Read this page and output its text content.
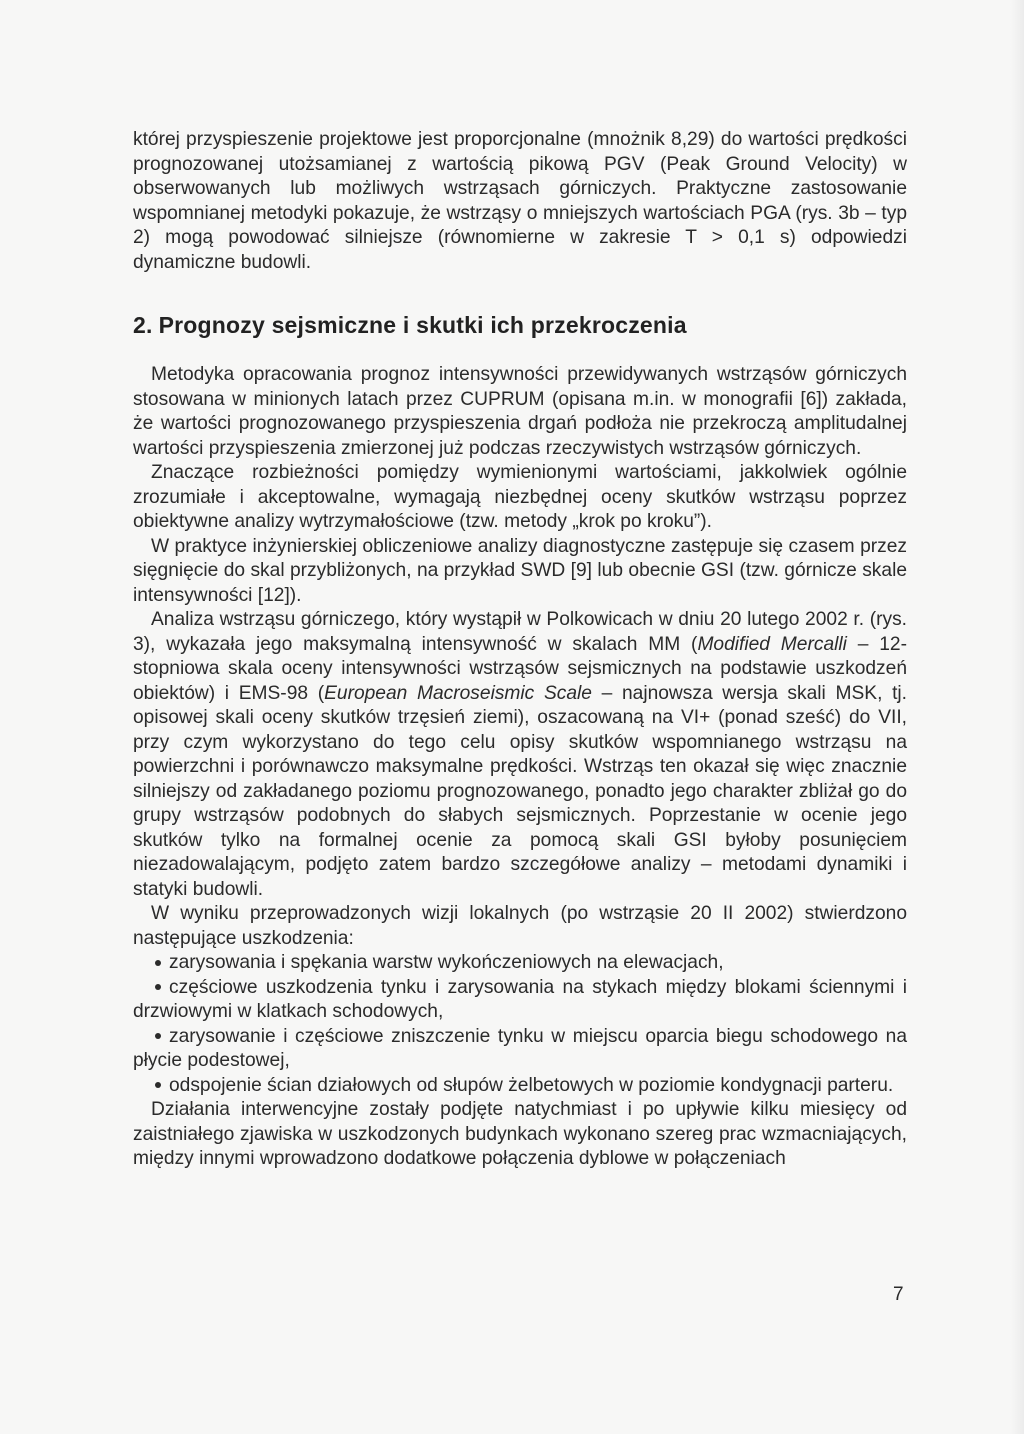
której przyspieszenie projektowe jest proporcjonalne (mnożnik 8,29) do wartości prędkości prognozowanej utożsamianej z wartością pikową PGV (Peak Ground Velocity) w obserwowanych lub możliwych wstrząsach górniczych. Praktyczne zastosowanie wspomnianej metodyki pokazuje, że wstrząsy o mniejszych wartościach PGA (rys. 3b – typ 2) mogą powodować silniejsze (równomierne w zakresie T > 0,1 s) odpowiedzi dynamiczne budowli.

2. Prognozy sejsmiczne i skutki ich przekroczenia

Metodyka opracowania prognoz intensywności przewidywanych wstrząsów górniczych stosowana w minionych latach przez CUPRUM (opisana m.in. w monografii [6]) zakłada, że wartości prognozowanego przyspieszenia drgań podłoża nie przekroczą amplitudalnej wartości przyspieszenia zmierzonej już podczas rzeczywistych wstrząsów górniczych.

Znaczące rozbieżności pomiędzy wymienionymi wartościami, jakkolwiek ogólnie zrozumiałe i akceptowalne, wymagają niezbędnej oceny skutków wstrząsu poprzez obiektywne analizy wytrzymałościowe (tzw. metody „krok po kroku”).

W praktyce inżynierskiej obliczeniowe analizy diagnostyczne zastępuje się czasem przez sięgnięcie do skal przybliżonych, na przykład SWD [9] lub obecnie GSI (tzw. górnicze skale intensywności [12]).

Analiza wstrząsu górniczego, który wystąpił w Polkowicach w dniu 20 lutego 2002 r. (rys. 3), wykazała jego maksymalną intensywność w skalach MM (Modified Mercalli – 12-stopniowa skala oceny intensywności wstrząsów sejsmicznych na podstawie uszkodzeń obiektów) i EMS-98 (European Macroseismic Scale – najnowsza wersja skali MSK, tj. opisowej skali oceny skutków trzęsień ziemi), oszacowaną na VI+ (ponad sześć) do VII, przy czym wykorzystano do tego celu opisy skutków wspomnianego wstrząsu na powierzchni i porównawczo maksymalne prędkości. Wstrząs ten okazał się więc znacznie silniejszy od zakładanego poziomu prognozowanego, ponadto jego charakter zbliżał go do grupy wstrząsów podobnych do słabych sejsmicznych. Poprzestanie w ocenie jego skutków tylko na formalnej ocenie za pomocą skali GSI byłoby posunięciem niezadowalającym, podjęto zatem bardzo szczegółowe analizy – metodami dynamiki i statyki budowli.

W wyniku przeprowadzonych wizji lokalnych (po wstrząsie 20 II 2002) stwierdzono następujące uszkodzenia:

zarysowania i spękania warstw wykończeniowych na elewacjach,
częściowe uszkodzenia tynku i zarysowania na stykach między blokami ściennymi i drzwiowymi w klatkach schodowych,
zarysowanie i częściowe zniszczenie tynku w miejscu oparcia biegu schodowego na płycie podestowej,
odspojenie ścian działowych od słupów żelbetowych w poziomie kondygnacji parteru.

Działania interwencyjne zostały podjęte natychmiast i po upływie kilku miesięcy od zaistniałego zjawiska w uszkodzonych budynkach wykonano szereg prac wzmacniających, między innymi wprowadzono dodatkowe połączenia dyblowe w połączeniach

7
